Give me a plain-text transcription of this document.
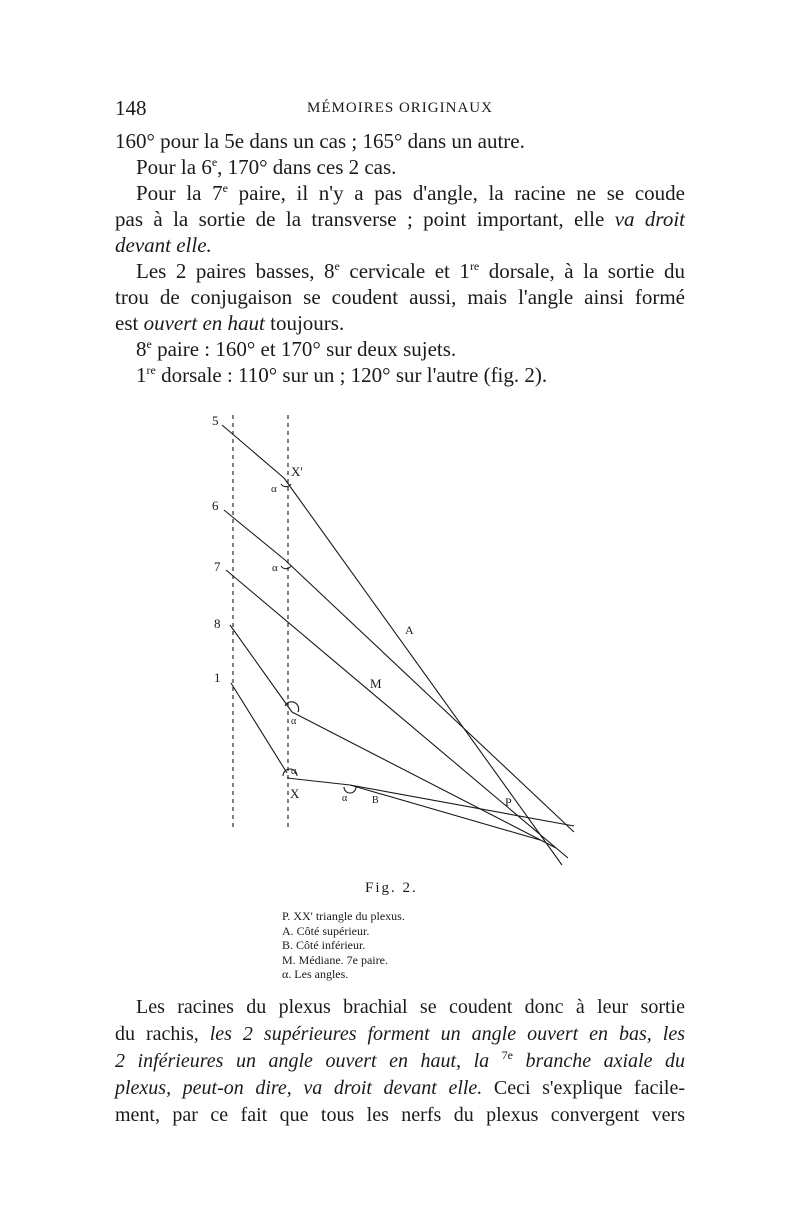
148	MÉMOIRES ORIGINAUX
160° pour la 5e dans un cas ; 165° dans un autre.
Pour la 6e, 170° dans ces 2 cas.
Pour la 7e paire, il n'y a pas d'angle, la racine ne se coude
pas à la sortie de la transverse ; point important, elle va droit
devant elle.
Les 2 paires basses, 8e cervicale et 1re dorsale, à la sortie du
trou de conjugaison se coudent aussi, mais l'angle ainsi formé
est ouvert en haut toujours.
8e paire : 160° et 170° sur deux sujets.
1re dorsale : 110° sur un ; 120° sur l'autre (fig. 2).
5
6
7
8
1
X'
X
A
M
P
B
α
α
α
α
α
Fig. 2.
P. XX' triangle du plexus.
A. Côté supérieur.
B. Côté inférieur.
M. Médiane. 7e paire.
α. Les angles.
Les racines du plexus brachial se coudent donc à leur sortie
du rachis, les 2 supérieures forment un angle ouvert en bas, les
2 inférieures un angle ouvert en haut, la $^{7e}$ branche axiale du
plexus, peut-on dire, va droit devant elle. Ceci s'explique facile-
ment, par ce fait que tous les nerfs du plexus convergent vers
